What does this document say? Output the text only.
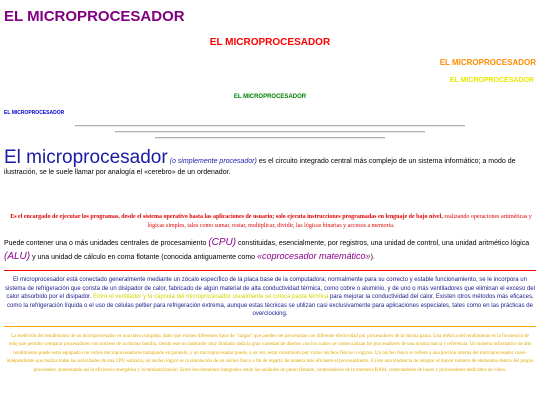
EL MICROPROCESADOR
EL MICROPROCESADOR
EL MICROPROCESADOR
EL MICROPROCESADOR
EL MICROPROCESADOR
EL MICROPROCESADOR

El microprocesador (o simplemente procesador) es el circuito integrado central más complejo de un sistema informático; a modo de ilustración, se le suele llamar por analogía el «cerebro» de un ordenador.

Es el encargado de ejecutar los programas, desde el sistema operativo hasta las aplicaciones de usuario; solo ejecuta instrucciones programadas en lenguaje de bajo nivel, realizando operaciones aritméticas y lógicas simples, tales como sumar, restar, multiplicar, dividir, las lógicas binarias y accesos a memoria.

Puede contener una o más unidades centrales de procesamiento (CPU) constituidas, esencialmente, por registros, una unidad de control, una unidad aritmético lógica (ALU) y una unidad de cálculo en coma flotante (conocida antiguamente como «coprocesador matemático»).

El microprocesador está conectado generalmente mediante un zócalo específico de la placa base de la computadora; normalmente para su correcto y estable funcionamiento, se le incorpora un sistema de refrigeración que consta de un disipador de calor, fabricado de algún material de alta conductividad térmica, como cobre o aluminio, y de uno o más ventiladores que eliminan el exceso del calor absorbido por el disipador. Entre el ventilador y la cápsula del microprocesador usualmente se coloca pasta térmica para mejorar la conductividad del calor. Existen otros métodos más eficaces, como la refrigeración líquida o el uso de células peltier para refrigeración extrema, aunque estas técnicas se utilizan casi exclusivamente para aplicaciones especiales, tales como en las prácticas de overclocking.

La medición del rendimiento de un microprocesador es una tarea compleja, dado que existen diferentes tipos de "cargas" que pueden ser procesadas con diferente efectividad por procesadores de la misma gama. Una métrica del rendimiento es la frecuencia de reloj que permite comparar procesadores con núcleos de la misma familia, siendo este un indicador muy limitado dada la gran variedad de diseños con los cuales se comercializan los procesadores de una misma marca y referencia. Un sistema informático de alto rendimiento puede estar equipado con varios microprocesadores trabajando en paralelo, y un microprocesador puede, a su vez, estar constituido por varios núcleos físicos o lógicos. Un núcleo físico se refiere a una porción interna del microprocesador cuasi-independiente que realiza todas las actividades de una CPU solitaria, un núcleo lógico es la simulación de un núcleo físico a fin de repartir de manera más eficiente el procesamiento. Existe una tendencia de integrar el mayor número de elementos dentro del propio procesador, aumentando así la eficiencia energética y la miniaturización. Entre los elementos integrados están las unidades de punto flotante, controladores de la memoria RAM, controladores de buses y procesadores dedicados de vídeo.
